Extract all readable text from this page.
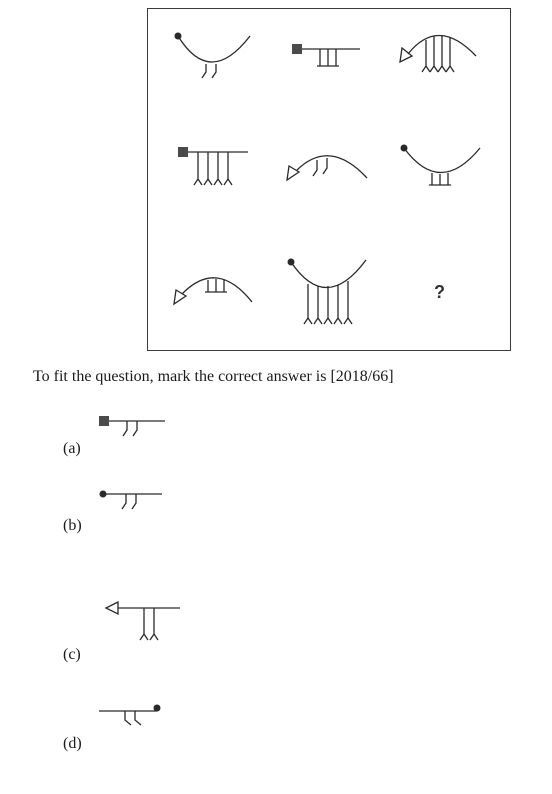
?
To fit the question, mark the correct answer is [2018/66]
(a)
(b)
(c)
(d)
